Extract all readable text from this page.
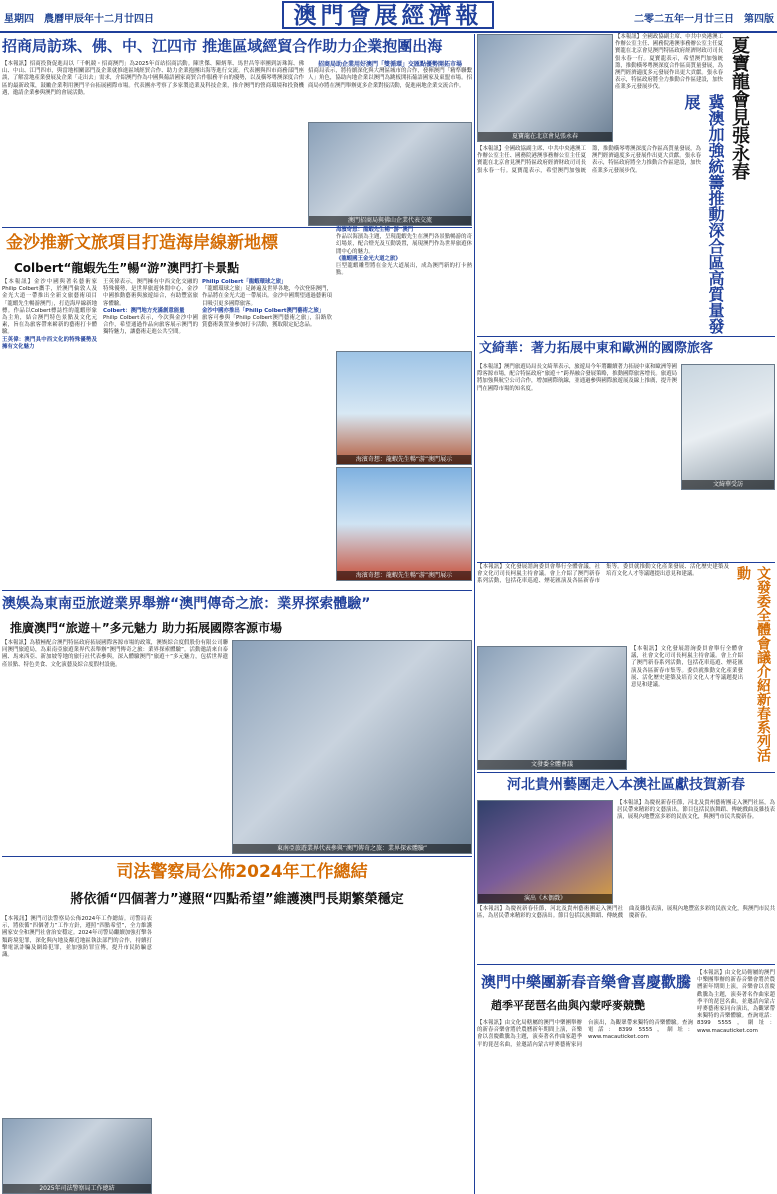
星期四　農曆甲辰年十二月廿四日	澳門會展經濟報	二零二五年一月廿三日　第四版
招商局訪珠、佛、中、江四市 推進區域經貿合作助力企業抱團出海
【本報訊】招商投資促進局以「千帆競・招商澳門」為2025年首站招商活動。陳世傑、陳炳華、馬世昌等率團到訪珠海、佛山、中山、江門四市，與當地相關部門及企業就推進區域經貿合作、助力企業抱團出海等進行交流。代表團與四市商務部門座談，了解當地產業發展及企業「走出去」需求，介紹澳門作為中國與葡語國家商貿合作服務平台的優勢，以及橫琴粵澳深度合作區的最新政策，鼓勵企業利用澳門平台拓展國際市場。代表團亦考察了多家製造業及科技企業，推介澳門的營商環境和投資機遇，邀請企業參與澳門的會展活動。
招商局助企業用好澳門「雙循環」交匯點優勢開拓市場
招商局表示，將持續深化與大灣區城市的合作，發揮澳門「精準聯繫人」角色，協助內地企業以澳門為跳板開拓葡語國家及東盟市場。招商局亦將在澳門舉辦更多企業對接活動，促進兩地企業交流合作。
澳門招商局與佛山企業代表交流
金沙推新文旅項目打造海岸線新地標
Colbert“龍蝦先生”暢“游”澳門打卡景點
【本報訊】金沙中國與著名藝術家Philip Colbert攜手，於澳門倫敦人及金光大道一帶推出全新文旅藝術項目「龍蝦先生暢游澳門」，打造海岸線新地標。作品以Colbert標誌性的龍蝦形象為主角，結合澳門特色景點及文化元素，旨在為旅客帶來嶄新的藝術打卡體驗。
王英偉：澳門具中西文化的特殊優勢及擁有文化魅力
王英偉表示，澳門擁有中西文化交融的特殊優勢，是世界旅遊休閒中心，金沙中國推動藝術與旅遊結合，有助豐富旅客體驗。
Colbert：澳門地方充滿創意能量
Philip Colbert表示，今次與金沙中國合作，希望通過作品向旅客展示澳門的獨特魅力，讓藝術走進公共空間。
Philip Colbert「龍蝦環球之旅」
「龍蝦環球之旅」足跡遍及世界各地，今次登陸澳門，作品將在金光大道一帶展出。金沙中國期望通過藝術項目吸引更多國際旅客。
金沙中國亦推出「Philip Colbert澳門藝術之旅」
旅客可參與「Philip Colbert澳門藝術之旅」，沿路欣賞藝術裝置並參加打卡活動，獲取限定紀念品。
海濱奇想：龍蝦先生暢“游”澳門
作品以海濱為主題，呈現龍蝦先生在澳門各景點暢游的奇幻場景，配合燈光及互動裝置，展現澳門作為世界旅遊休閒中心的魅力。
《龍蝦國王金光大道之旅》
巨型龍蝦雕塑將在金光大道展出，成為澳門新的打卡熱點。
海濱奇想：龍蝦先生暢“游”澳門展示
海濱奇想：龍蝦先生暢“游”澳門展示
澳娛為東南亞旅遊業界舉辦“澳門傳奇之旅：業界探索體驗”
推廣澳門“旅遊＋”多元魅力 助力拓展國際客源市場
【本報訊】為積極配合澳門特區政府拓展國際客源市場的政策，澳娛綜合度假股份有限公司聯同澳門旅遊局，為東南亞旅遊業界代表舉辦“澳門傳奇之旅：業界探索體驗”。活動邀請來自泰國、馬來西亞、新加坡等地的旅行社代表參與，深入體驗澳門“旅遊＋”多元魅力，包括世界遺產景點、特色美食、文化演藝及綜合度假村設施。
東南亞旅遊業界代表參與“澳門傳奇之旅：業界探索體驗”
司法警察局公佈2024年工作總結
將依循“四個著力”遵照“四點希望”維護澳門長期繁榮穩定
【本報訊】澳門司法警察局公佈2024年工作總結。司警局表示，將依循“四個著力”工作方針，遵照“四點希望”，全力維護國家安全和澳門社會治安穩定。2024年司警局繼續加強打擊各類跨境犯罪，深化與內地及鄰近地區執法部門的合作，持續打擊電訊詐騙及網絡犯罪，並加強防罪宣傳，提升市民防騙意識。
2025年司法警察局工作總結
夏寶龍在北京會見張永春
【本報訊】全國政協副主席、中共中央港澳工作辦公室主任、國務院港澳事務辦公室主任夏寶龍在北京會見澳門特區政府經濟財政司司長張永春一行。夏寶龍表示，希望澳門加強統籌，推動橫琴粵澳深度合作區高質量發展，為澳門經濟適度多元發展作出更大貢獻。張永春表示，特區政府將全力推動合作區建設，加快產業多元發展步伐。	夏寶龍會見張永春
冀澳加強統籌推動深合區高質量發展
【本報訊】全國政協副主席、中共中央港澳工作辦公室主任、國務院港澳事務辦公室主任夏寶龍在北京會見澳門特區政府經濟財政司司長張永春一行。夏寶龍表示，希望澳門加強統籌，推動橫琴粵澳深度合作區高質量發展，為澳門經濟適度多元發展作出更大貢獻。張永春表示，特區政府將全力推動合作區建設，加快產業多元發展步伐。
文綺華：著力拓展中東和歐洲的國際旅客
【本報訊】澳門旅遊局局長文綺華表示，旅遊局今年將繼續著力拓展中東和歐洲等國際客源市場，配合特區政府“旅遊＋”跨界融合發展策略，推動國際旅客增長。旅遊局將加強與航空公司合作，增加國際航線，並通過參與國際旅遊展及線上推廣，提升澳門在國際市場的知名度。
文綺華受訪
【本報訊】文化發展諮詢委員會舉行全體會議，社會文化司司長柯嵐主持會議。會上介紹了澳門新春系列活動，包括花車巡遊、煙花匯演及各區新春市集等。委員就推動文化產業發展、活化歷史建築及培育文化人才等議題提出意見和建議。	文發委全體會議介紹新春系列活動
文發委全體會議
【本報訊】文化發展諮詢委員會舉行全體會議，社會文化司司長柯嵐主持會議。會上介紹了澳門新春系列活動，包括花車巡遊、煙花匯演及各區新春市集等。委員就推動文化產業發展、活化歷史建築及培育文化人才等議題提出意見和建議。
河北貴州藝團走入本澳社區獻技賀新春
演出《木偶戲》
【本報訊】為慶祝新春佳節，河北及貴州藝術團走入澳門社區，為居民帶來精彩的文藝演出。節目包括民族舞蹈、傳統戲曲及雜技表演，展現內地豐富多彩的民族文化，與澳門市民共慶新春。
【本報訊】為慶祝新春佳節，河北及貴州藝術團走入澳門社區，為居民帶來精彩的文藝演出。節目包括民族舞蹈、傳統戲曲及雜技表演，展現內地豐富多彩的民族文化，與澳門市民共慶新春。
澳門中樂團新春音樂會喜慶歡騰
趙季平琵琶名曲與內蒙呼麥競艷
【本報訊】由文化局轄屬的澳門中樂團舉辦的新春音樂會將於農曆新年期間上演，音樂會以喜慶歡騰為主題，演奏著名作曲家趙季平的琵琶名曲，並邀請內蒙古呼麥藝術家同台演出，為觀眾帶來獨特的音樂體驗。查詢電話：8399 5555，網址：www.macauticket.com
【本報訊】由文化局轄屬的澳門中樂團舉辦的新春音樂會將於農曆新年期間上演，音樂會以喜慶歡騰為主題，演奏著名作曲家趙季平的琵琶名曲，並邀請內蒙古呼麥藝術家同台演出，為觀眾帶來獨特的音樂體驗。查詢電話：8399 5555，網址：www.macauticket.com
